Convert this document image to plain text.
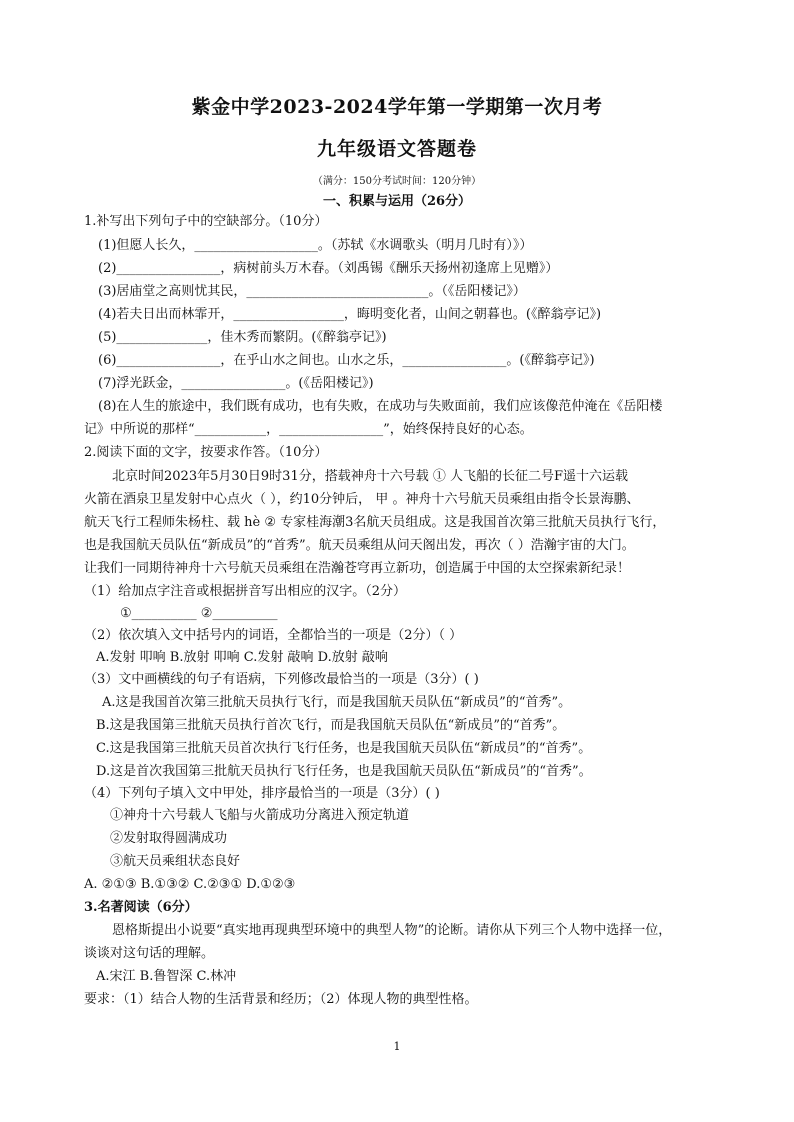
紫金中学2023-2024学年第一学期第一次月考
九年级语文答题卷
（满分：150分考试时间：120分钟）
一、积累与运用（26分）
1.补写出下列句子中的空缺部分。（10分）
(1)但愿人长久，___________________。（苏轼《水调歌头（明月几时有）》）
(2)________________，病树前头万木春。（刘禹锡《酬乐天扬州初逢席上见赠》）
(3)居庙堂之高则忧其民，____________________________。（《岳阳楼记》）
(4)若夫日出而林霏开，_________________，晦明变化者，山间之朝暮也。(《醉翁亭记》)
(5)______________，佳木秀而繁阴。(《醉翁亭记》)
(6)________________，在乎山水之间也。山水之乐，________________。(《醉翁亭记》)
(7)浮光跃金，________________。(《岳阳楼记》)
(8)在人生的旅途中，我们既有成功，也有失败，在成功与失败面前，我们应该像范仲淹在《岳阳楼
记》中所说的那样“___________，________________”，始终保持良好的心态。
2.阅读下面的文字，按要求作答。（10分）
北京时间2023年5月30日9时31分，搭载神舟十六号载 ① 人飞船的长征二号F遥十六运载
火箭在酒泉卫星发射中心点火（ ），约10分钟后， 甲 。神舟十六号航天员乘组由指令长景海鹏、
航天飞行工程师朱杨柱、载 hè ② 专家桂海潮3名航天员组成。这是我国首次第三批航天员执行飞行，
也是我国航天员队伍“新成员”的“首秀”。航天员乘组从问天阁出发，再次（ ）浩瀚宇宙的大门。
让我们一同期待神舟十六号航天员乘组在浩瀚苍穹再立新功，创造属于中国的太空探索新纪录！
（1）给加点字注音或根据拼音写出相应的汉字。（2分）
①__________ ②__________
（2）依次填入文中括号内的词语，全都恰当的一项是（2分）（ ）
A.发射 叩响 B.放射 叩响 C.发射 敲响 D.放射 敲响
（3）文中画横线的句子有语病，下列修改最恰当的一项是（3分）( )
A.这是我国首次第三批航天员执行飞行，而是我国航天员队伍“新成员”的“首秀”。
B.这是我国第三批航天员执行首次飞行，而是我国航天员队伍“新成员”的“首秀”。
C.这是我国第三批航天员首次执行飞行任务，也是我国航天员队伍“新成员”的“首秀”。
D.这是首次我国第三批航天员执行飞行任务，也是我国航天员队伍“新成员”的“首秀”。
（4）下列句子填入文中甲处，排序最恰当的一项是（3分）( )
①神舟十六号载人飞船与火箭成功分离进入预定轨道
②发射取得圆满成功
③航天员乘组状态良好
A. ②①③ B.①③② C.②③① D.①②③
3.名著阅读（6分）
恩格斯提出小说要“真实地再现典型环境中的典型人物”的论断。请你从下列三个人物中选择一位，
谈谈对这句话的理解。
A.宋江 B.鲁智深 C.林冲
要求：（1）结合人物的生活背景和经历；（2）体现人物的典型性格。
1
